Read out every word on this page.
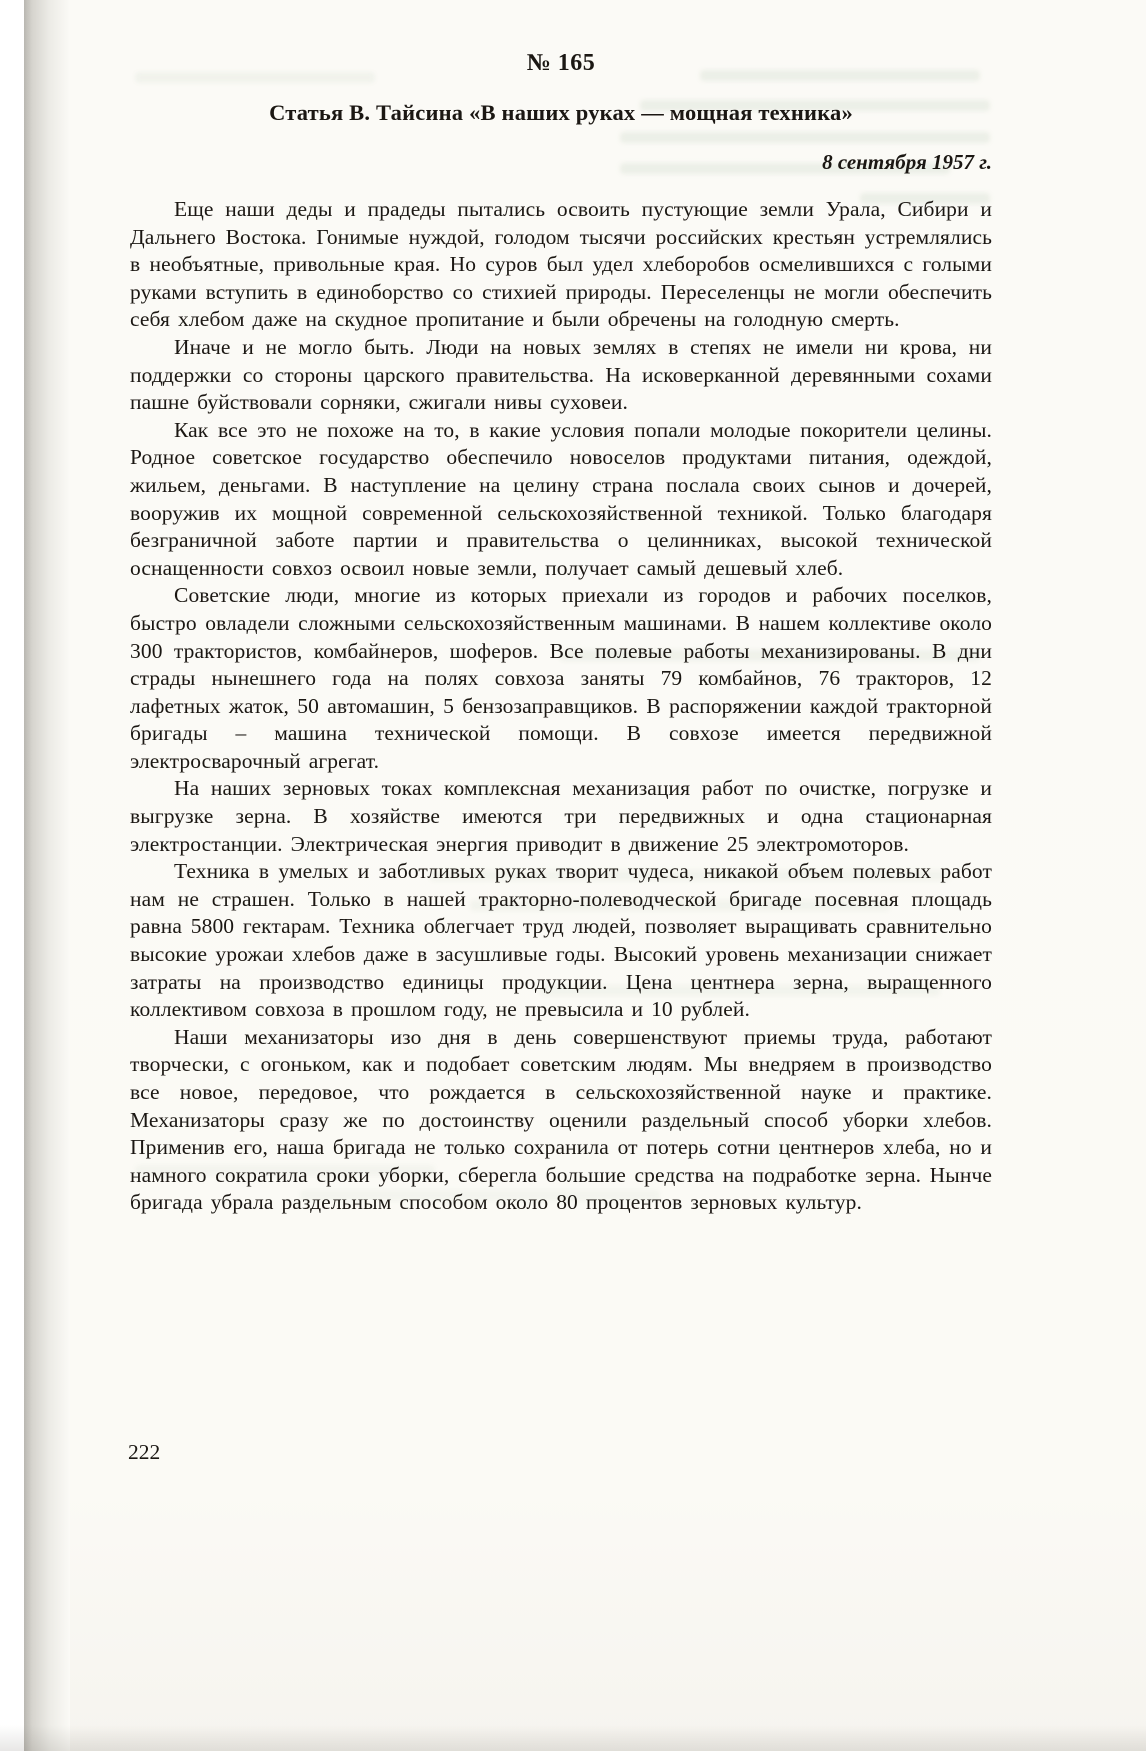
№ 165
Статья В. Тайсина «В наших руках — мощная техника»
8 сентября 1957 г.

Еще наши деды и прадеды пытались освоить пустующие земли Урала, Сибири и Дальнего Востока. Гонимые нуждой, голодом тысячи российских крестьян устремлялись в необъятные, привольные края. Но суров был удел хлеборобов осмелившихся с голыми руками вступить в единоборство со стихией природы. Переселенцы не могли обеспечить себя хлебом даже на скудное пропитание и были обречены на голодную смерть.

Иначе и не могло быть. Люди на новых землях в степях не имели ни крова, ни поддержки со стороны царского правительства. На исковерканной деревянными сохами пашне буйствовали сорняки, сжигали нивы суховеи.

Как все это не похоже на то, в какие условия попали молодые покорители целины. Родное советское государство обеспечило новоселов продуктами питания, одеждой, жильем, деньгами. В наступление на целину страна послала своих сынов и дочерей, вооружив их мощной современной сельскохозяйственной техникой. Только благодаря безграничной заботе партии и правительства о целинниках, высокой технической оснащенности совхоз освоил новые земли, получает самый дешевый хлеб.

Советские люди, многие из которых приехали из городов и рабочих поселков, быстро овладели сложными сельскохозяйственным машинами. В нашем коллективе около 300 трактористов, комбайнеров, шоферов. Все полевые работы механизированы. В дни страды нынешнего года на полях совхоза заняты 79 комбайнов, 76 тракторов, 12 лафетных жаток, 50 автомашин, 5 бензозаправщиков. В распоряжении каждой тракторной бригады – машина технической помощи. В совхозе имеется передвижной электросварочный агрегат.

На наших зерновых токах комплексная механизация работ по очистке, погрузке и выгрузке зерна. В хозяйстве имеются три передвижных и одна стационарная электростанции. Электрическая энергия приводит в движение 25 электромоторов.

Техника в умелых и заботливых руках творит чудеса, никакой объем полевых работ нам не страшен. Только в нашей тракторно-полеводческой бригаде посевная площадь равна 5800 гектарам. Техника облегчает труд людей, позволяет выращивать сравнительно высокие урожаи хлебов даже в засушливые годы. Высокий уровень механизации снижает затраты на производство единицы продукции. Цена центнера зерна, выращенного коллективом совхоза в прошлом году, не превысила и 10 рублей.

Наши механизаторы изо дня в день совершенствуют приемы труда, работают творчески, с огоньком, как и подобает советским людям. Мы внедряем в производство все новое, передовое, что рождается в сельскохозяйственной науке и практике. Механизаторы сразу же по достоинству оценили раздельный способ уборки хлебов. Применив его, наша бригада не только сохранила от потерь сотни центнеров хлеба, но и намного сократила сроки уборки, сберегла большие средства на подработке зерна. Нынче бригада убрала раздельным способом около 80 процентов зерновых культур.

222
